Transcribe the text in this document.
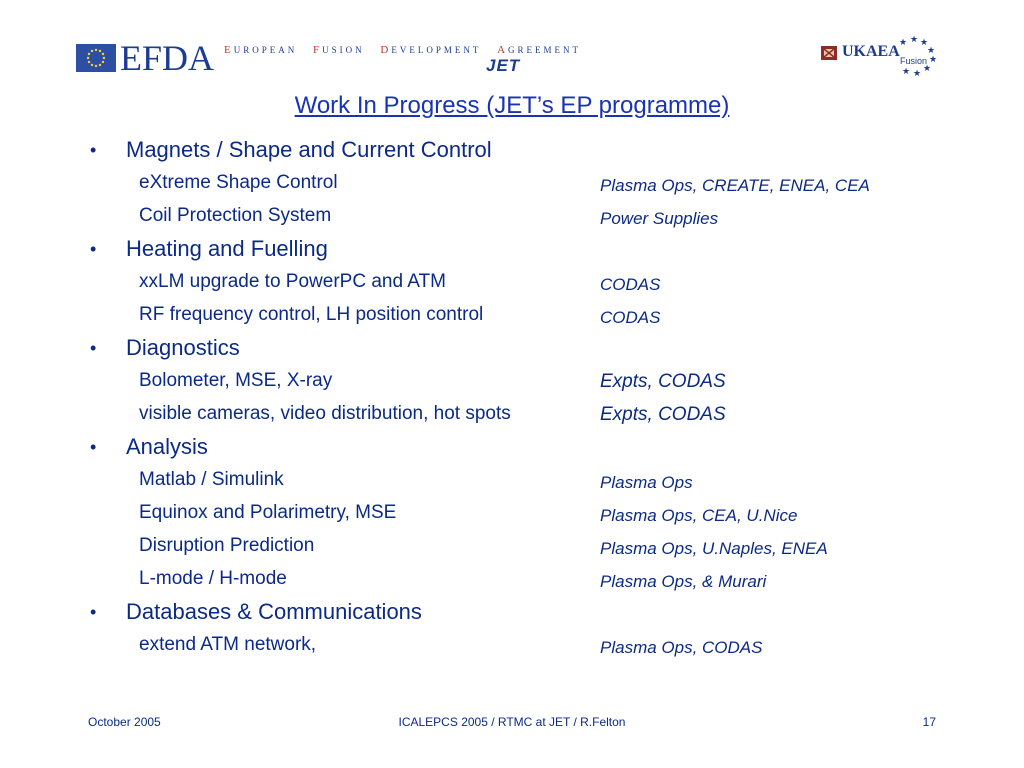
EFDA EUROPEAN FUSION DEVELOPMENT AGREEMENT
JET
UKAEA
Fusion
★ ★
★
★
★
★
★
★
Work In Progress (JET’s EP programme)
• Magnets / Shape and Current Control
eXtreme Shape Control	Plasma Ops, CREATE, ENEA, CEA
Coil Protection System	Power Supplies
• Heating and Fuelling
xxLM upgrade to PowerPC and ATM	CODAS
RF frequency control, LH position control	CODAS
• Diagnostics
Bolometer, MSE, X-ray	Expts, CODAS
visible cameras, video distribution, hot spots	Expts, CODAS
• Analysis
Matlab / Simulink	Plasma Ops
Equinox and Polarimetry, MSE	Plasma Ops, CEA, U.Nice
Disruption Prediction	Plasma Ops, U.Naples, ENEA
L-mode / H-mode	Plasma Ops, & Murari
• Databases & Communications
extend ATM network,	Plasma Ops, CODAS
October 2005	ICALEPCS 2005 / RTMC at JET / R.Felton	17
